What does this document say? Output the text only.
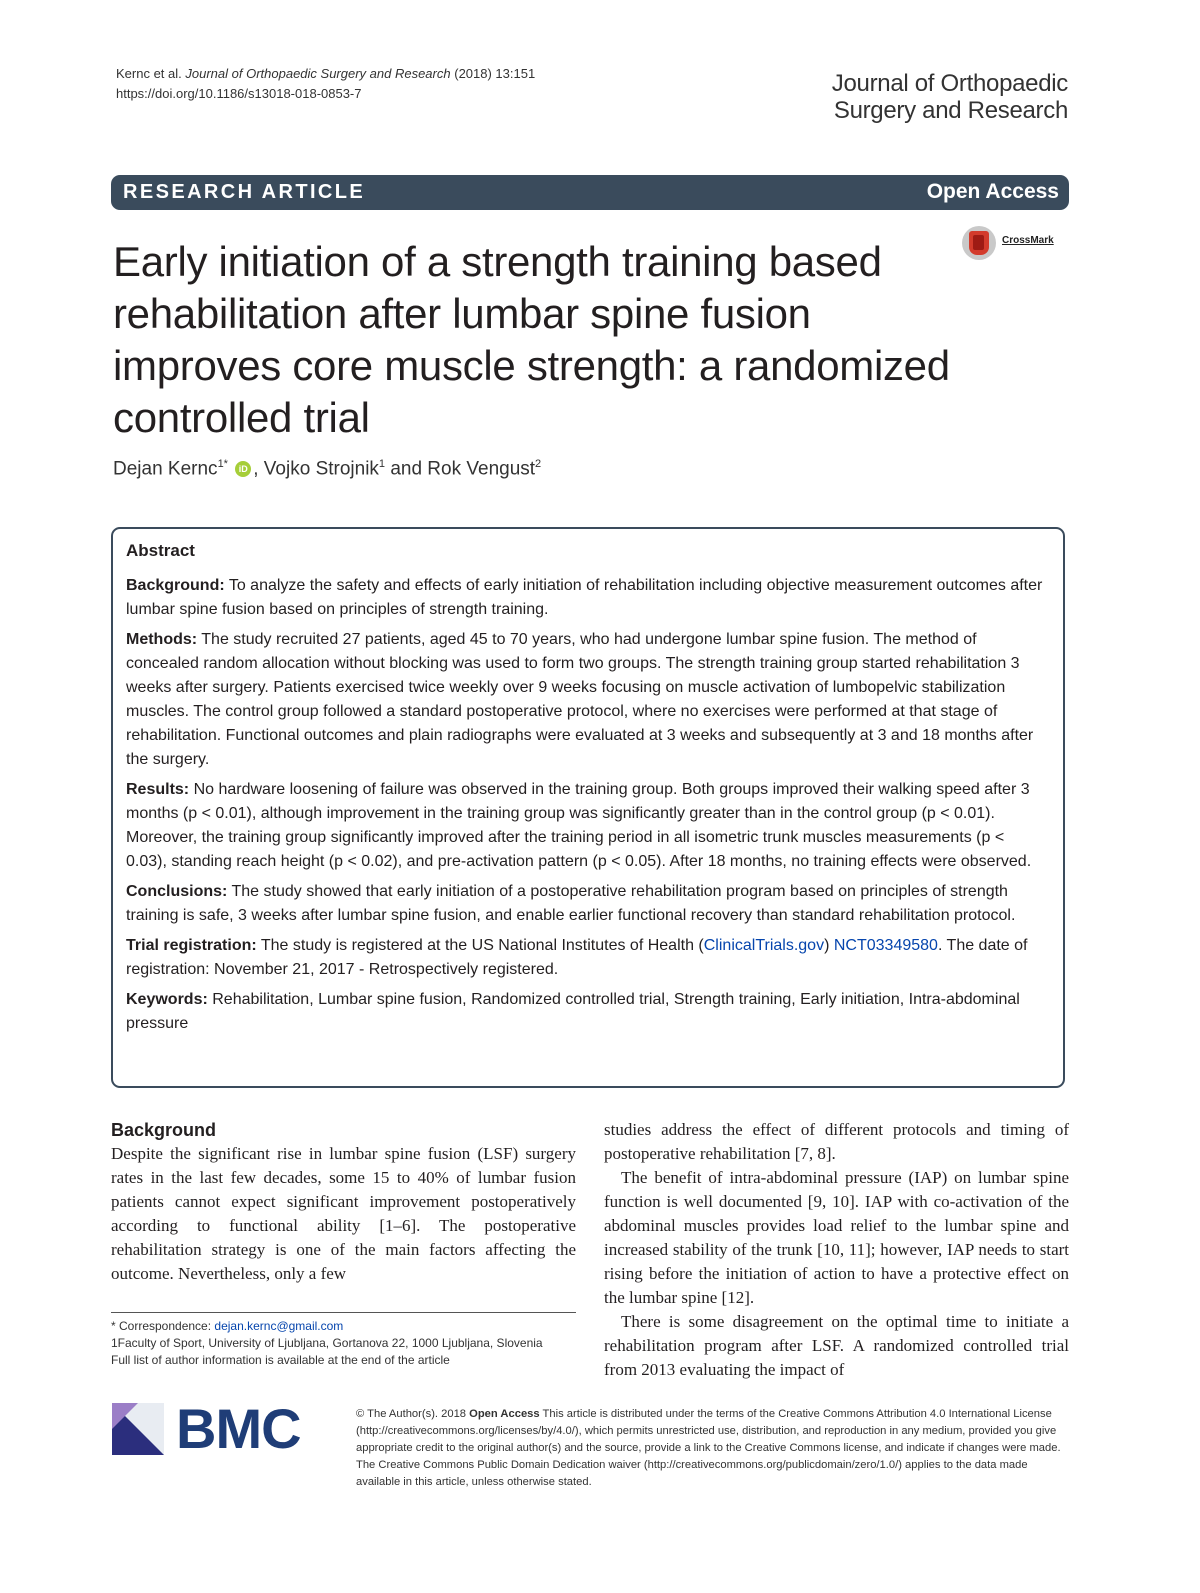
Kernc et al. Journal of Orthopaedic Surgery and Research (2018) 13:151
https://doi.org/10.1186/s13018-018-0853-7	Journal of Orthopaedic
Surgery and Research
RESEARCH ARTICLE	Open Access
CrossMark
Early initiation of a strength training based rehabilitation after lumbar spine fusion improves core muscle strength: a randomized controlled trial
Dejan Kernc$^{1*}$ iD , Vojko Strojnik$^1$ and Rok Vengust$^2$
Abstract

Background: To analyze the safety and effects of early initiation of rehabilitation including objective measurement outcomes after lumbar spine fusion based on principles of strength training.

Methods: The study recruited 27 patients, aged 45 to 70 years, who had undergone lumbar spine fusion. The method of concealed random allocation without blocking was used to form two groups. The strength training group started rehabilitation 3 weeks after surgery. Patients exercised twice weekly over 9 weeks focusing on muscle activation of lumbopelvic stabilization muscles. The control group followed a standard postoperative protocol, where no exercises were performed at that stage of rehabilitation. Functional outcomes and plain radiographs were evaluated at 3 weeks and subsequently at 3 and 18 months after the surgery.

Results: No hardware loosening of failure was observed in the training group. Both groups improved their walking speed after 3 months (p < 0.01), although improvement in the training group was significantly greater than in the control group (p < 0.01). Moreover, the training group significantly improved after the training period in all isometric trunk muscles measurements (p < 0.03), standing reach height (p < 0.02), and pre-activation pattern (p < 0.05). After 18 months, no training effects were observed.

Conclusions: The study showed that early initiation of a postoperative rehabilitation program based on principles of strength training is safe, 3 weeks after lumbar spine fusion, and enable earlier functional recovery than standard rehabilitation protocol.

Trial registration: The study is registered at the US National Institutes of Health (ClinicalTrials.gov) NCT03349580. The date of registration: November 21, 2017 - Retrospectively registered.

Keywords: Rehabilitation, Lumbar spine fusion, Randomized controlled trial, Strength training, Early initiation, Intra-abdominal pressure

Background

Despite the significant rise in lumbar spine fusion (LSF) surgery rates in the last few decades, some 15 to 40% of lumbar fusion patients cannot expect significant improvement postoperatively according to functional ability [1–6]. The postoperative rehabilitation strategy is one of the main factors affecting the outcome. Nevertheless, only a few

studies address the effect of different protocols and timing of postoperative rehabilitation [7, 8].

The benefit of intra-abdominal pressure (IAP) on lumbar spine function is well documented [9, 10]. IAP with co-activation of the abdominal muscles provides load relief to the lumbar spine and increased stability of the trunk [10, 11]; however, IAP needs to start rising before the initiation of action to have a protective effect on the lumbar spine [12].

There is some disagreement on the optimal time to initiate a rehabilitation program after LSF. A randomized controlled trial from 2013 evaluating the impact of

* Correspondence: dejan.kernc@gmail.com

1Faculty of Sport, University of Ljubljana, Gortanova 22, 1000 Ljubljana, Slovenia

Full list of author information is available at the end of the article

BMC	© The Author(s). 2018 Open Access This article is distributed under the terms of the Creative Commons Attribution 4.0 International License (http://creativecommons.org/licenses/by/4.0/), which permits unrestricted use, distribution, and reproduction in any medium, provided you give appropriate credit to the original author(s) and the source, provide a link to the Creative Commons license, and indicate if changes were made. The Creative Commons Public Domain Dedication waiver (http://creativecommons.org/publicdomain/zero/1.0/) applies to the data made available in this article, unless otherwise stated.
